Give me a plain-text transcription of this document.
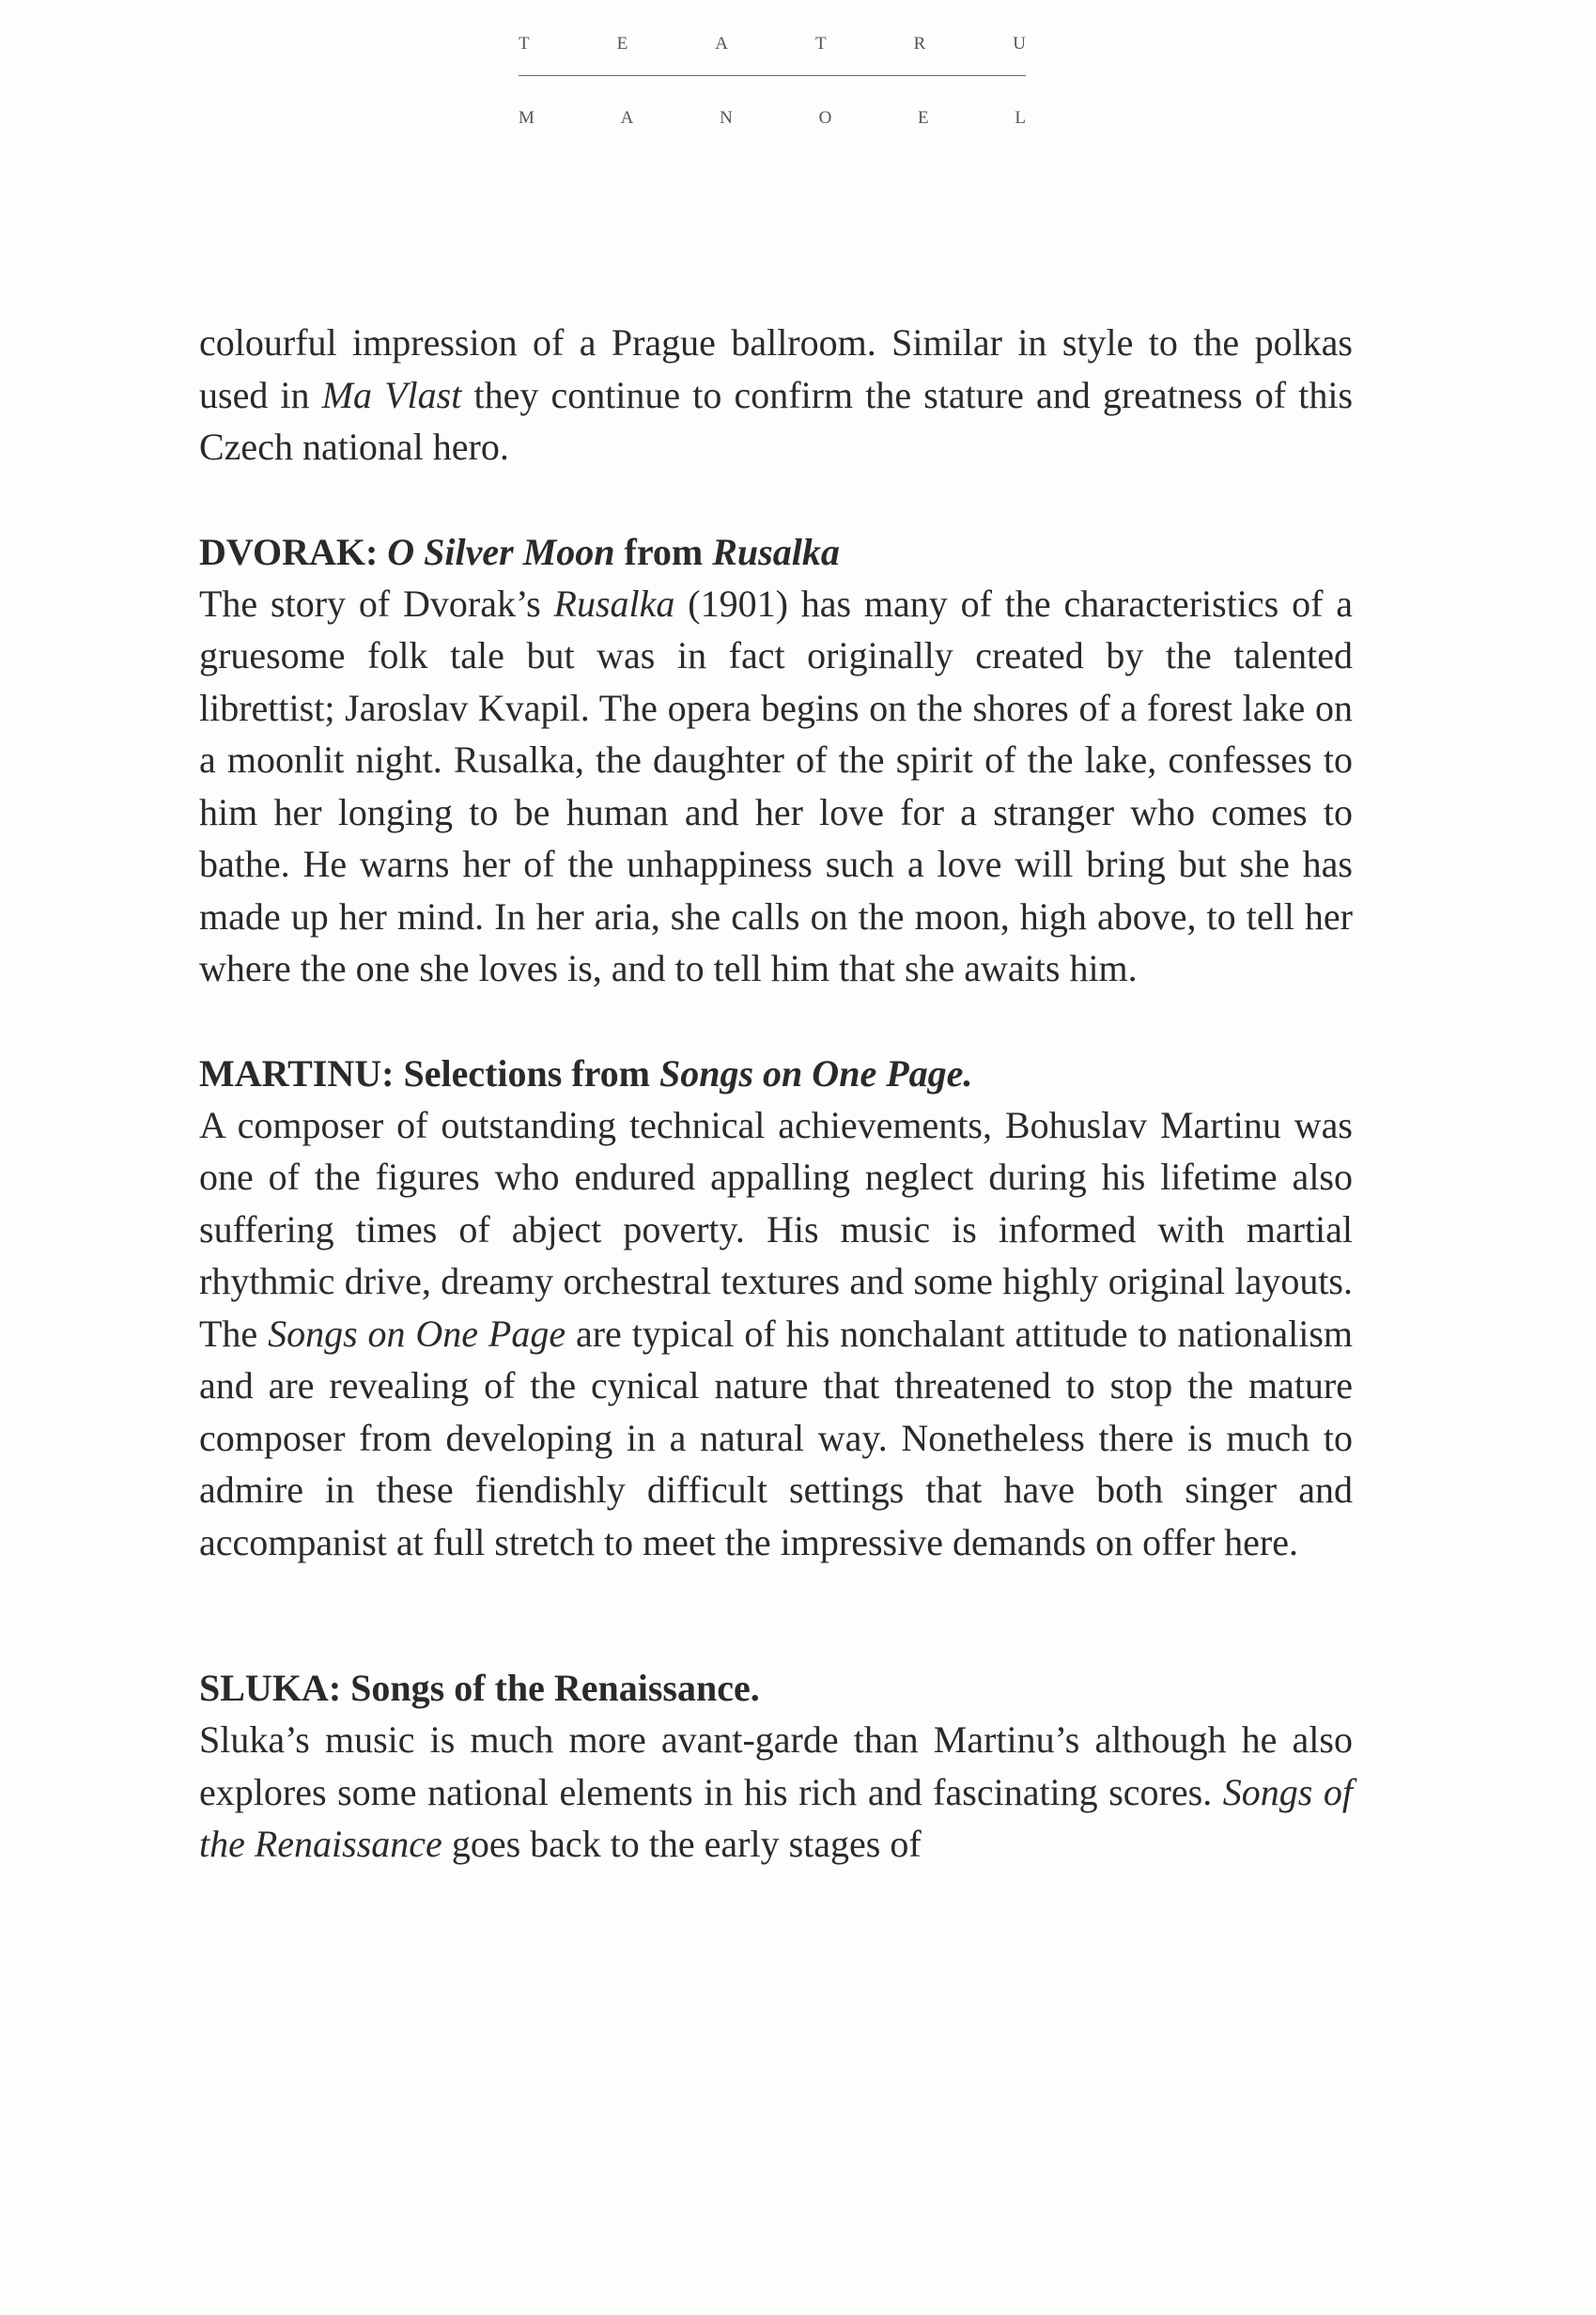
T	E	A	T	R	U
M	A	N	O	E	L

colourful impression of a Prague ballroom. Similar in style to the polkas used in Ma Vlast they continue to confirm the stature and greatness of this Czech national hero.

DVORAK: O Silver Moon from Rusalka

The story of Dvorak’s Rusalka (1901) has many of the characteristics of a gruesome folk tale but was in fact originally created by the talented librettist; Jaroslav Kvapil. The opera begins on the shores of a forest lake on a moonlit night. Rusalka, the daughter of the spirit of the lake, confesses to him her longing to be human and her love for a stranger who comes to bathe. He warns her of the unhappiness such a love will bring but she has made up her mind. In her aria, she calls on the moon, high above, to tell her where the one she loves is, and to tell him that she awaits him.

MARTINU: Selections from Songs on One Page.

A composer of outstanding technical achievements, Bohuslav Martinu was one of the figures who endured appalling neglect during his lifetime also suffering times of abject poverty. His music is informed with martial rhythmic drive, dreamy orchestral textures and some highly original layouts. The Songs on One Page are typical of his nonchalant attitude to nationalism and are revealing of the cynical nature that threatened to stop the mature composer from developing in a natural way. Nonetheless there is much to admire in these fiendishly difficult settings that have both singer and accompanist at full stretch to meet the impressive demands on offer here.

SLUKA: Songs of the Renaissance.

Sluka’s music is much more avant-garde than Martinu’s although he also explores some national elements in his rich and fascinating scores. Songs of the Renaissance goes back to the early stages of
